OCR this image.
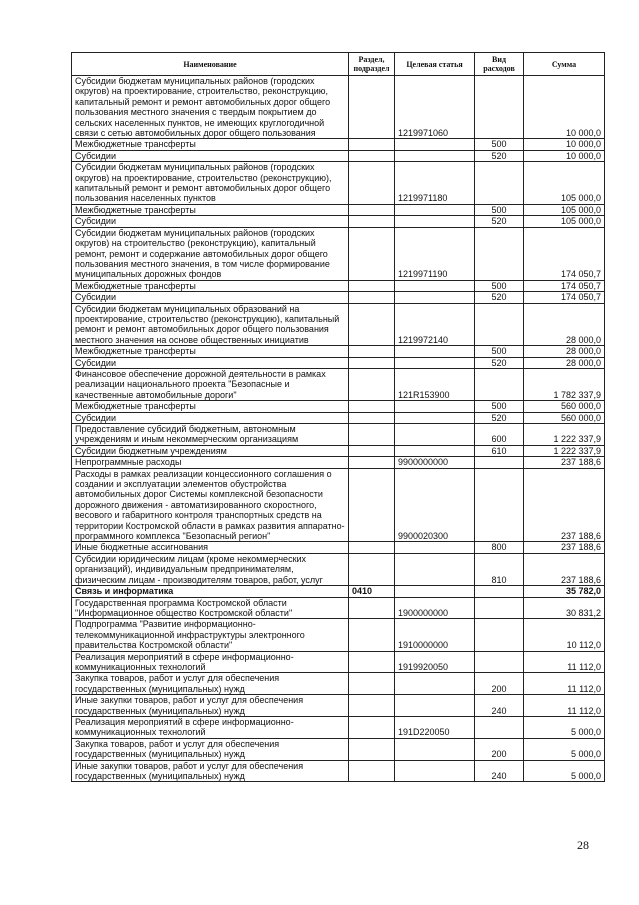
Наименование	Раздел, подраздел	Целевая статья	Вид расходов	Сумма
Субсидии бюджетам муниципальных районов (городских округов) на проектирование, строительство, реконструкцию, капитальный ремонт и ремонт автомобильных дорог общего пользования местного значения с твердым покрытием до сельских населенных пунктов, не имеющих круглогодичной связи с сетью автомобильных дорог общего пользования		1219971060		10 000,0
Межбюджетные трансферты			500	10 000,0
Субсидии			520	10 000,0
Субсидии бюджетам муниципальных районов (городских округов) на проектирование, строительство (реконструкцию), капитальный ремонт и ремонт автомобильных дорог общего пользования населенных пунктов		1219971180		105 000,0
Межбюджетные трансферты			500	105 000,0
Субсидии			520	105 000,0
Субсидии бюджетам муниципальных районов (городских округов) на строительство (реконструкцию), капитальный ремонт, ремонт и содержание автомобильных дорог общего пользования местного значения, в том числе формирование муниципальных дорожных фондов		1219971190		174 050,7
Межбюджетные трансферты			500	174 050,7
Субсидии			520	174 050,7
Субсидии бюджетам муниципальных образований на проектирование, строительство (реконструкцию), капитальный ремонт и ремонт автомобильных дорог общего пользования местного значения на основе общественных инициатив		1219972140		28 000,0
Межбюджетные трансферты			500	28 000,0
Субсидии			520	28 000,0
Финансовое обеспечение дорожной деятельности в рамках реализации национального проекта "Безопасные и качественные автомобильные дороги"		121R153900		1 782 337,9
Межбюджетные трансферты			500	560 000,0
Субсидии			520	560 000,0
Предоставление субсидий бюджетным, автономным учреждениям и иным некоммерческим организациям			600	1 222 337,9
Субсидии бюджетным учреждениям			610	1 222 337,9
Непрограммные расходы		9900000000		237 188,6
Расходы в рамках реализации концессионного соглашения о создании и эксплуатации элементов обустройства автомобильных дорог Системы комплексной безопасности дорожного движения - автоматизированного скоростного, весового и габаритного контроля транспортных средств на территории Костромской области в рамках развития аппаратно-программного комплекса "Безопасный регион"		9900020300		237 188,6
Иные бюджетные ассигнования			800	237 188,6
Субсидии юридическим лицам (кроме некоммерческих организаций), индивидуальным предпринимателям, физическим лицам - производителям товаров, работ, услуг			810	237 188,6
Связь и информатика	0410			35 782,0
Государственная программа Костромской области "Информационное общество Костромской области"		1900000000		30 831,2
Подпрограмма "Развитие информационно-телекоммуникационной инфраструктуры электронного правительства Костромской области"		1910000000		10 112,0
Реализация мероприятий в сфере информационно-коммуникационных технологий		1919920050		11 112,0
Закупка товаров, работ и услуг для обеспечения государственных (муниципальных) нужд			200	11 112,0
Иные закупки товаров, работ и услуг для обеспечения государственных (муниципальных) нужд			240	11 112,0
Реализация мероприятий в сфере информационно-коммуникационных технологий		191D220050		5 000,0
Закупка товаров, работ и услуг для обеспечения государственных (муниципальных) нужд			200	5 000,0
Иные закупки товаров, работ и услуг для обеспечения государственных (муниципальных) нужд			240	5 000,0
28
